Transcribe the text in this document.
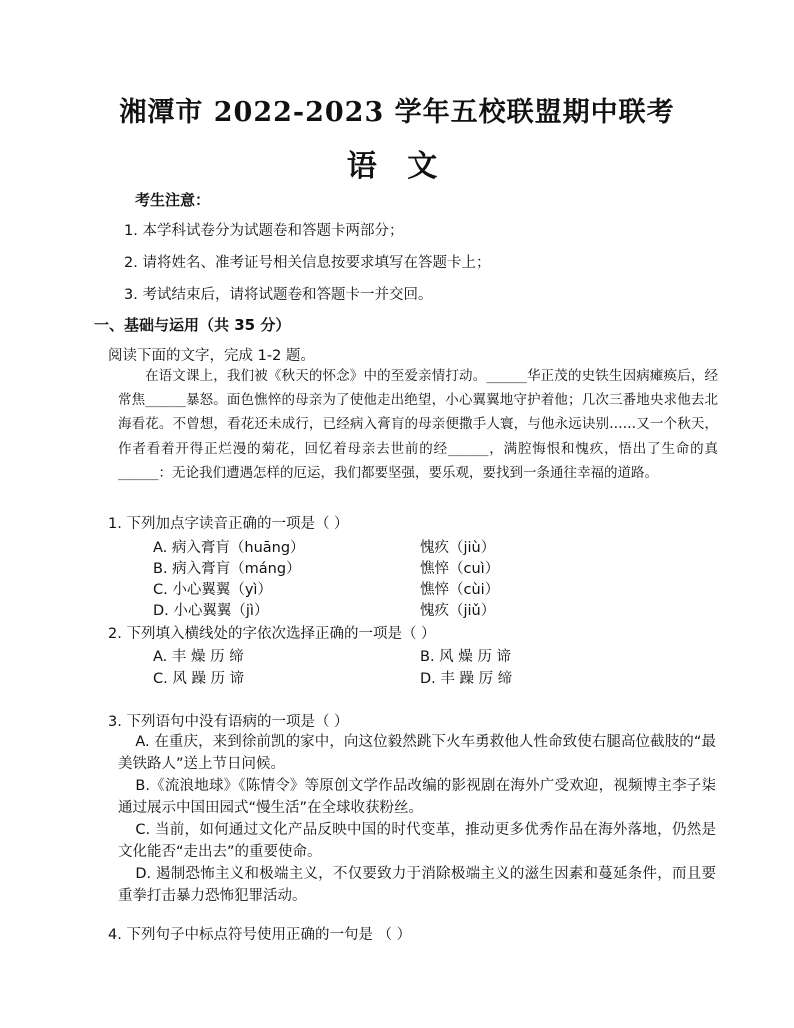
湘潭市 2022-2023 学年五校联盟期中联考
语 文
考生注意：
1. 本学科试卷分为试题卷和答题卡两部分；
2. 请将姓名、准考证号相关信息按要求填写在答题卡上；
3. 考试结束后，请将试题卷和答题卡一并交回。
一、基础与运用（共 35 分）
阅读下面的文字，完成 1-2 题。
在语文课上，我们被《秋天的怀念》中的至爱亲情打动。______华正茂的史铁生因病瘫痪后，经常焦______暴怒。面色憔悴的母亲为了使他走出绝望，小心翼翼地守护着他；几次三番地央求他去北海看花。不曾想，看花还未成行，已经病入膏肓的母亲便撒手人寰，与他永远诀别……又一个秋天，作者看着开得正烂漫的菊花，回忆着母亲去世前的经______，满腔悔恨和愧疚，悟出了生命的真______：无论我们遭遇怎样的厄运，我们都要坚强，要乐观，要找到一条通往幸福的道路。
1. 下列加点字读音正确的一项是（ ）
A. 病入膏肓（huāng）	愧疚（jiù）
B. 病入膏肓（máng）	憔悴（cuì）
C. 小心翼翼（yì）	憔悴（cùi）
D. 小心翼翼（jì）	愧疚（jiǔ）
2. 下列填入横线处的字依次选择正确的一项是（ ）
A. 丰 燥 历 缔	B. 风 燥 历 谛
C. 风 躁 历 谛	D. 丰 躁 厉 缔
3. 下列语句中没有语病的一项是（ ）
A. 在重庆，来到徐前凯的家中，向这位毅然跳下火车勇救他人性命致使右腿高位截肢的“最美铁路人”送上节日问候。
B.《流浪地球》《陈情令》等原创文学作品改编的影视剧在海外广受欢迎，视频博主李子柒通过展示中国田园式“慢生活”在全球收获粉丝。
C. 当前，如何通过文化产品反映中国的时代变革，推动更多优秀作品在海外落地，仍然是文化能否“走出去”的重要使命。
D. 遏制恐怖主义和极端主义，不仅要致力于消除极端主义的滋生因素和蔓延条件，而且要重拳打击暴力恐怖犯罪活动。
4. 下列句子中标点符号使用正确的一句是 （ ）
